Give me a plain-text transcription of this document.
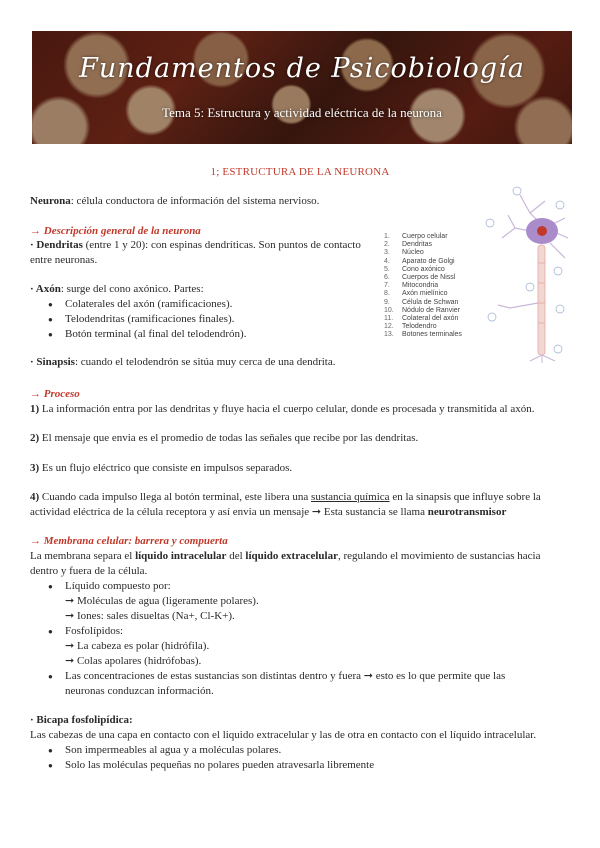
Fundamentos de Psicobiología
Tema 5: Estructura y actividad eléctrica de la neurona
1; ESTRUCTURA DE LA NEURONA
Neurona: célula conductora de información del sistema nervioso.
→ Descripción general de la neurona
· Dendritas (entre 1 y 20): con espinas dendríticas. Son puntos de contacto
entre neuronas.
· Axón: surge del cono axónico. Partes:
● Colaterales del axón (ramificaciones).
● Telodendritas (ramificaciones finales).
● Botón terminal (al final del telodendrón).
· Sinapsis: cuando el telodendrón se sitúa muy cerca de una dendrita.
1. Cuerpo celular
2. Dendritas
3. Núcleo
4. Aparato de Golgi
5. Cono axónico
6. Cuerpos de Nissl
7. Mitocondria
8. Axón mielínico
9. Célula de Schwan
10. Nódulo de Ranvier
11. Colateral del axón
12. Telodendro
13. Botones terminales
→ Proceso
1) La información entra por las dendritas y fluye hacia el cuerpo celular, donde es procesada y transmitida al axón.
2) El mensaje que envia es el promedio de todas las señales que recibe por las dendritas.
3) Es un flujo eléctrico que consiste en impulsos separados.
4) Cuando cada impulso llega al botón terminal, este libera una sustancia química en la sinapsis que influye sobre la
actividad eléctrica de la célula receptora y así envia un mensaje ➞ Esta sustancia se llama neurotransmisor
→ Membrana celular: barrera y compuerta
La membrana separa el líquido intracelular del líquido extracelular, regulando el movimiento de sustancias hacia
dentro y fuera de la célula.
● Líquido compuesto por:
➞ Moléculas de agua (ligeramente polares).
➞ Iones: sales disueltas (Na+, Cl-K+).
● Fosfolípidos:
➞ La cabeza es polar (hidrófila).
➞ Colas apolares (hidrófobas).
● Las concentraciones de estas sustancias son distintas dentro y fuera ➞ esto es lo que permite que las
neuronas conduzcan información.
· Bicapa fosfolipídica:
Las cabezas de una capa en contacto con el liquido extracelular y las de otra en contacto con el líquido intracelular.
● Son impermeables al agua y a moléculas polares.
● Solo las moléculas pequeñas no polares pueden atravesarla libremente
